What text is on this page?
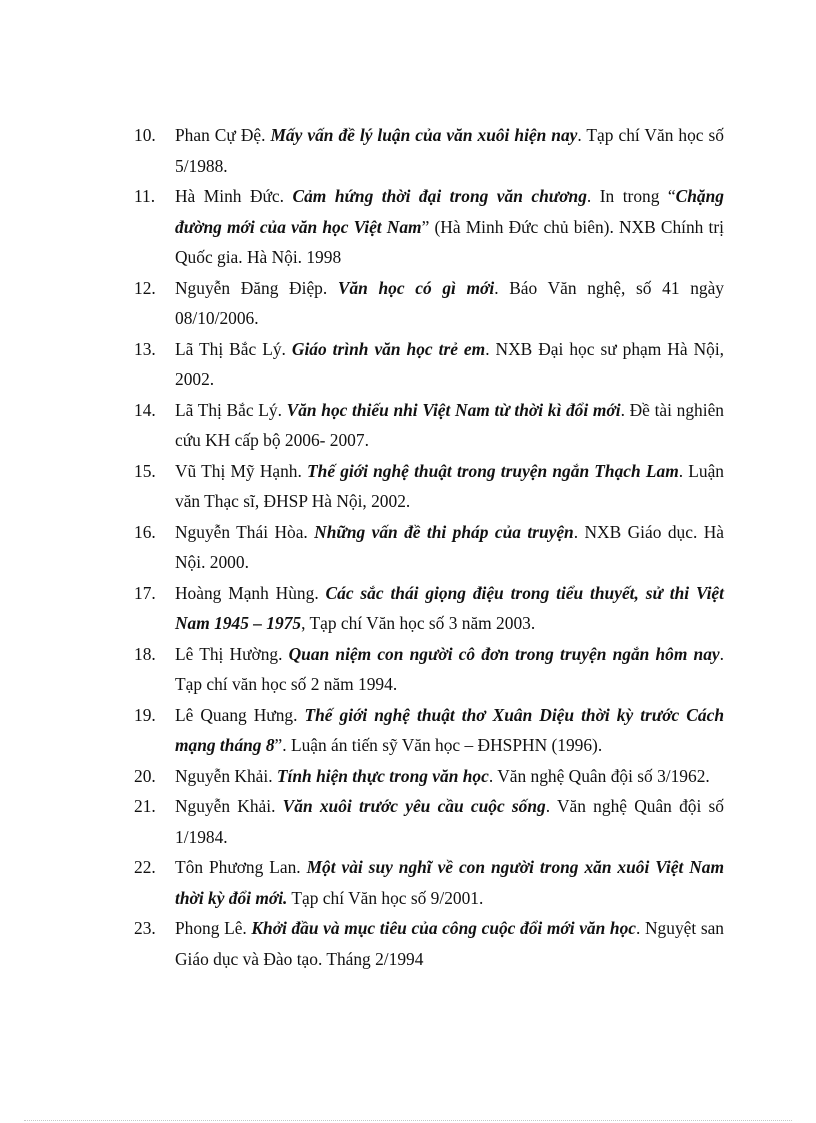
10. Phan Cự Đệ. Mấy vấn đề lý luận của văn xuôi hiện nay. Tạp chí Văn học số 5/1988.
11. Hà Minh Đức. Cảm hứng thời đại trong văn chương. In trong “Chặng đường mới của văn học Việt Nam” (Hà Minh Đức chủ biên). NXB Chính trị Quốc gia. Hà Nội. 1998
12. Nguyễn Đăng Điệp. Văn học có gì mới. Báo Văn nghệ, số 41 ngày 08/10/2006.
13. Lã Thị Bắc Lý. Giáo trình văn học trẻ em. NXB Đại học sư phạm Hà Nội, 2002.
14. Lã Thị Bắc Lý. Văn học thiếu nhi Việt Nam từ thời kì đổi mới. Đề tài nghiên cứu KH cấp bộ 2006- 2007.
15. Vũ Thị Mỹ Hạnh. Thế giới nghệ thuật trong truyện ngắn Thạch Lam. Luận văn Thạc sĩ, ĐHSP Hà Nội, 2002.
16. Nguyễn Thái Hòa. Những vấn đề thi pháp của truyện. NXB Giáo dục. Hà Nội. 2000.
17. Hoàng Mạnh Hùng. Các sắc thái giọng điệu trong tiểu thuyết, sử thi Việt Nam 1945 – 1975, Tạp chí Văn học số 3 năm 2003.
18. Lê Thị Hường. Quan niệm con người cô đơn trong truyện ngắn hôm nay. Tạp chí văn học số 2 năm 1994.
19. Lê Quang Hưng. Thế giới nghệ thuật thơ Xuân Diệu thời kỳ trước Cách mạng tháng 8”. Luận án tiến sỹ Văn học – ĐHSPHN (1996).
20. Nguyễn Khải. Tính hiện thực trong văn học. Văn nghệ Quân đội số 3/1962.
21. Nguyễn Khải. Văn xuôi trước yêu cầu cuộc sống. Văn nghệ Quân đội số 1/1984.
22. Tôn Phương Lan. Một vài suy nghĩ về con người trong xăn xuôi Việt Nam thời kỳ đổi mới. Tạp chí Văn học số 9/2001.
23. Phong Lê. Khởi đầu và mục tiêu của công cuộc đổi mới văn học. Nguyệt san Giáo dục và Đào tạo. Tháng 2/1994
